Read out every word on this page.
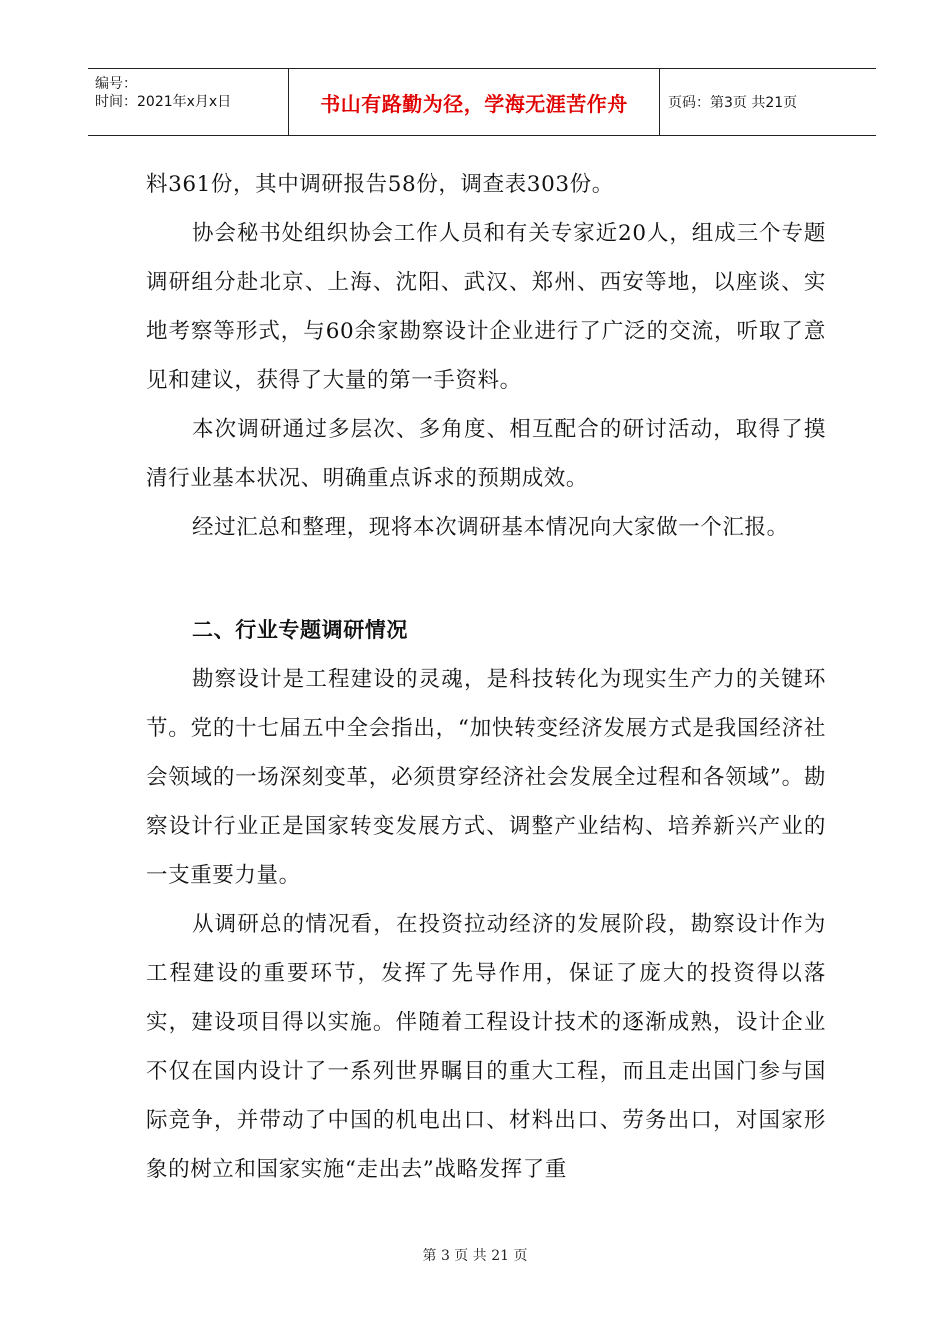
编号：
时间：2021年x月x日	书山有路勤为径，学海无涯苦作舟	页码：第3页 共21页

料361份，其中调研报告58份，调查表303份。

协会秘书处组织协会工作人员和有关专家近20人，组成三个专题调研组分赴北京、上海、沈阳、武汉、郑州、西安等地，以座谈、实地考察等形式，与60余家勘察设计企业进行了广泛的交流，听取了意见和建议，获得了大量的第一手资料。

本次调研通过多层次、多角度、相互配合的研讨活动，取得了摸清行业基本状况、明确重点诉求的预期成效。

经过汇总和整理，现将本次调研基本情况向大家做一个汇报。

二、行业专题调研情况

勘察设计是工程建设的灵魂，是科技转化为现实生产力的关键环节。党的十七届五中全会指出，“加快转变经济发展方式是我国经济社会领域的一场深刻变革，必须贯穿经济社会发展全过程和各领域”。勘察设计行业正是国家转变发展方式、调整产业结构、培养新兴产业的一支重要力量。

从调研总的情况看，在投资拉动经济的发展阶段，勘察设计作为工程建设的重要环节，发挥了先导作用，保证了庞大的投资得以落实，建设项目得以实施。伴随着工程设计技术的逐渐成熟，设计企业不仅在国内设计了一系列世界瞩目的重大工程，而且走出国门参与国际竞争，并带动了中国的机电出口、材料出口、劳务出口，对国家形象的树立和国家实施“走出去”战略发挥了重

第 3 页 共 21 页
